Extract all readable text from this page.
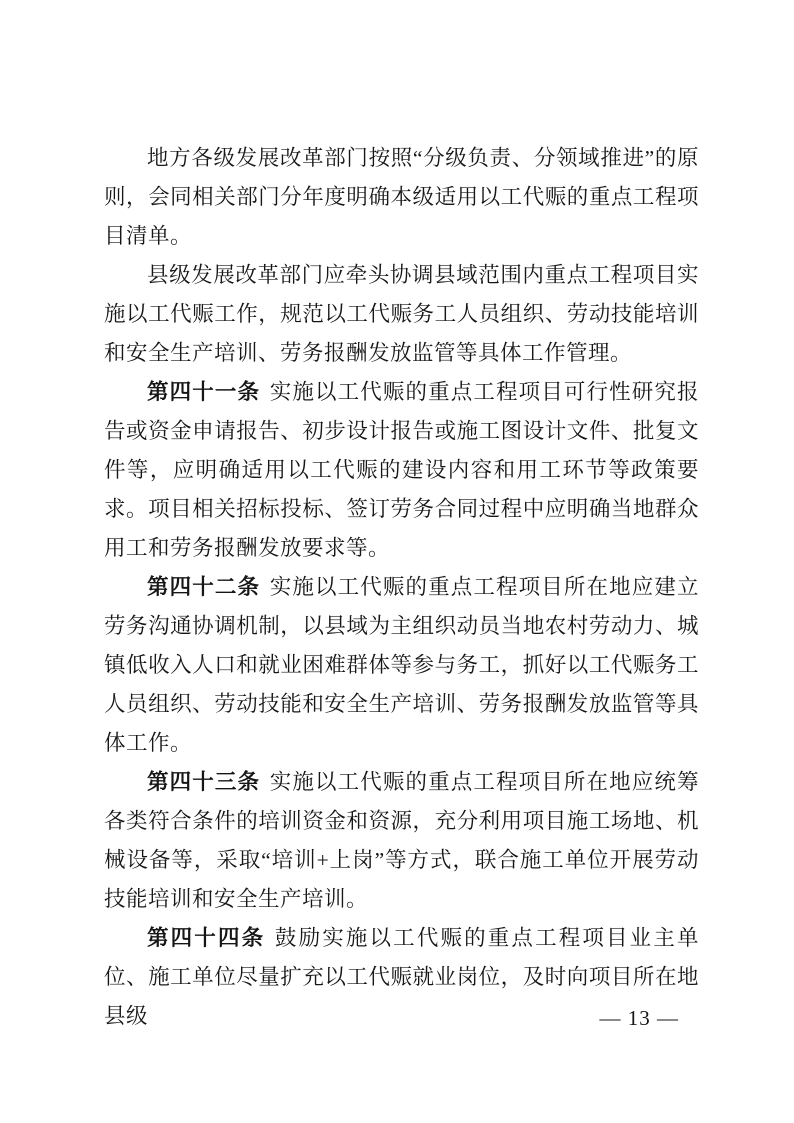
地方各级发展改革部门按照“分级负责、分领域推进”的原则，会同相关部门分年度明确本级适用以工代赈的重点工程项目清单。

县级发展改革部门应牵头协调县域范围内重点工程项目实施以工代赈工作，规范以工代赈务工人员组织、劳动技能培训和安全生产培训、劳务报酬发放监管等具体工作管理。

第四十一条 实施以工代赈的重点工程项目可行性研究报告或资金申请报告、初步设计报告或施工图设计文件、批复文件等，应明确适用以工代赈的建设内容和用工环节等政策要求。项目相关招标投标、签订劳务合同过程中应明确当地群众用工和劳务报酬发放要求等。

第四十二条 实施以工代赈的重点工程项目所在地应建立劳务沟通协调机制，以县域为主组织动员当地农村劳动力、城镇低收入人口和就业困难群体等参与务工，抓好以工代赈务工人员组织、劳动技能和安全生产培训、劳务报酬发放监管等具体工作。

第四十三条 实施以工代赈的重点工程项目所在地应统筹各类符合条件的培训资金和资源，充分利用项目施工场地、机械设备等，采取“培训+上岗”等方式，联合施工单位开展劳动技能培训和安全生产培训。

第四十四条 鼓励实施以工代赈的重点工程项目业主单位、施工单位尽量扩充以工代赈就业岗位，及时向项目所在地县级	— 13 —
